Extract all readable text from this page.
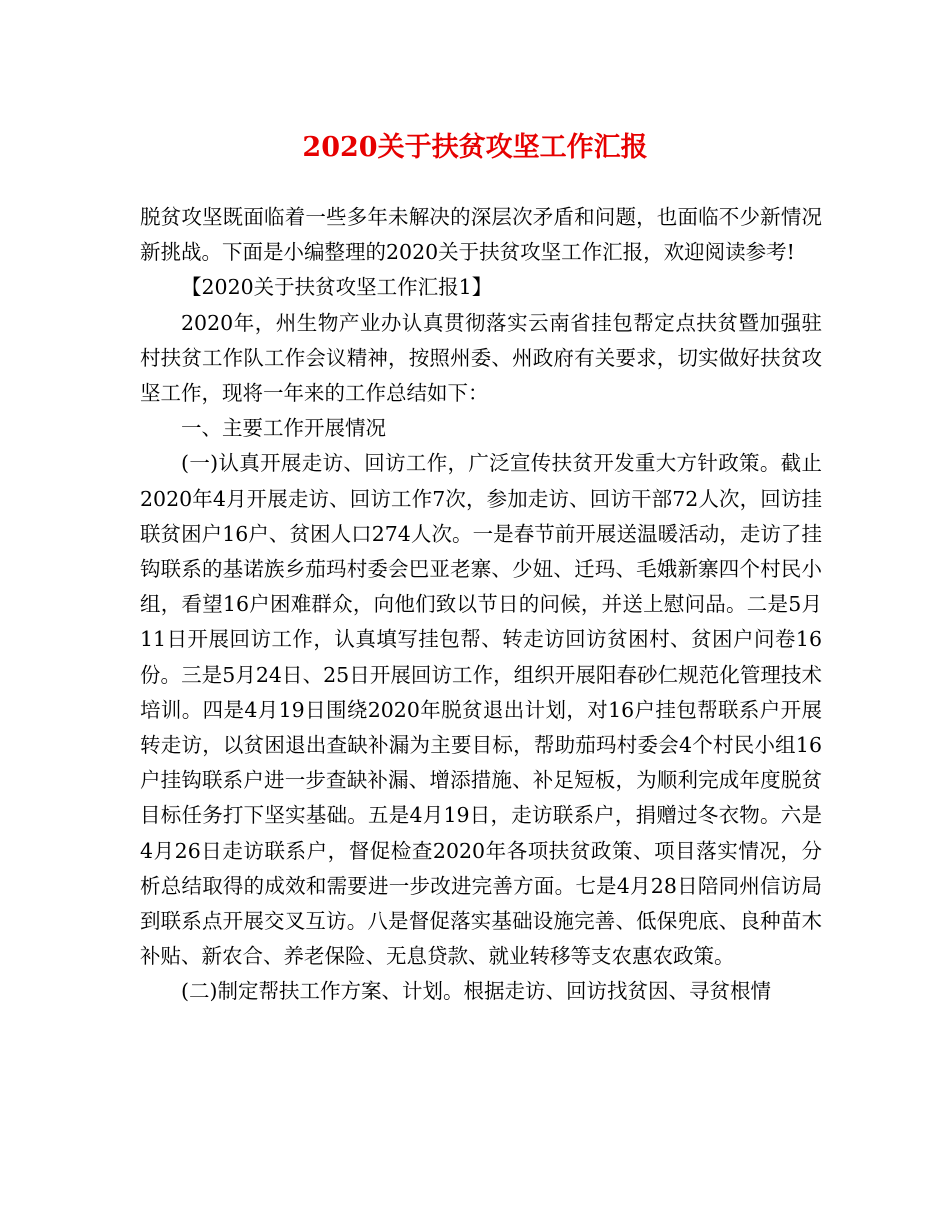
2020关于扶贫攻坚工作汇报

脱贫攻坚既面临着一些多年未解决的深层次矛盾和问题，也面临不少新情况新挑战。下面是小编整理的2020关于扶贫攻坚工作汇报，欢迎阅读参考!

【2020关于扶贫攻坚工作汇报1】

2020年，州生物产业办认真贯彻落实云南省挂包帮定点扶贫暨加强驻村扶贫工作队工作会议精神，按照州委、州政府有关要求，切实做好扶贫攻坚工作，现将一年来的工作总结如下：

一、主要工作开展情况

(一)认真开展走访、回访工作，广泛宣传扶贫开发重大方针政策。截止2020年4月开展走访、回访工作7次，参加走访、回访干部72人次，回访挂联贫困户16户、贫困人口274人次。一是春节前开展送温暖活动，走访了挂钩联系的基诺族乡茄玛村委会巴亚老寨、少妞、迁玛、毛娥新寨四个村民小组，看望16户困难群众，向他们致以节日的问候，并送上慰问品。二是5月11日开展回访工作，认真填写挂包帮、转走访回访贫困村、贫困户问卷16份。三是5月24日、25日开展回访工作，组织开展阳春砂仁规范化管理技术培训。四是4月19日围绕2020年脱贫退出计划，对16户挂包帮联系户开展转走访，以贫困退出查缺补漏为主要目标，帮助茄玛村委会4个村民小组16户挂钩联系户进一步查缺补漏、增添措施、补足短板，为顺利完成年度脱贫目标任务打下坚实基础。五是4月19日，走访联系户，捐赠过冬衣物。六是4月26日走访联系户，督促检查2020年各项扶贫政策、项目落实情况，分析总结取得的成效和需要进一步改进完善方面。七是4月28日陪同州信访局到联系点开展交叉互访。八是督促落实基础设施完善、低保兜底、良种苗木补贴、新农合、养老保险、无息贷款、就业转移等支农惠农政策。

(二)制定帮扶工作方案、计划。根据走访、回访找贫因、寻贫根情
